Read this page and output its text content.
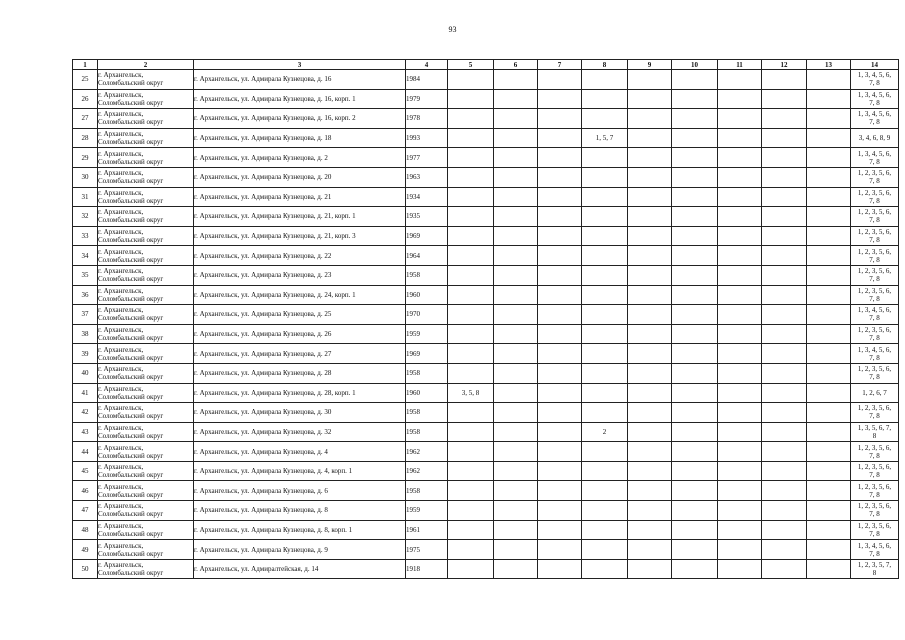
93
1	2	3	4	5	6	7	8	9	10	11	12	13	14
25	г. Архангельск,
Соломбальский округ	г. Архангельск, ул. Адмирала Кузнецова, д. 16	1984										1, 3, 4, 5, 6,
7, 8
26	г. Архангельск,
Соломбальский округ	г. Архангельск, ул. Адмирала Кузнецова, д. 16, корп. 1	1979										1, 3, 4, 5, 6,
7, 8
27	г. Архангельск,
Соломбальский округ	г. Архангельск, ул. Адмирала Кузнецова, д. 16, корп. 2	1978										1, 3, 4, 5, 6,
7, 8
28	г. Архангельск,
Соломбальский округ	г. Архангельск, ул. Адмирала Кузнецова, д. 18	1993				1, 5, 7						3, 4, 6, 8, 9
29	г. Архангельск,
Соломбальский округ	г. Архангельск, ул. Адмирала Кузнецова, д. 2	1977										1, 3, 4, 5, 6,
7, 8
30	г. Архангельск,
Соломбальский округ	г. Архангельск, ул. Адмирала Кузнецова, д. 20	1963										1, 2, 3, 5, 6,
7, 8
31	г. Архангельск,
Соломбальский округ	г. Архангельск, ул. Адмирала Кузнецова, д. 21	1934										1, 2, 3, 5, 6,
7, 8
32	г. Архангельск,
Соломбальский округ	г. Архангельск, ул. Адмирала Кузнецова, д. 21, корп. 1	1935										1, 2, 3, 5, 6,
7, 8
33	г. Архангельск,
Соломбальский округ	г. Архангельск, ул. Адмирала Кузнецова, д. 21, корп. 3	1969										1, 2, 3, 5, 6,
7, 8
34	г. Архангельск,
Соломбальский округ	г. Архангельск, ул. Адмирала Кузнецова, д. 22	1964										1, 2, 3, 5, 6,
7, 8
35	г. Архангельск,
Соломбальский округ	г. Архангельск, ул. Адмирала Кузнецова, д. 23	1958										1, 2, 3, 5, 6,
7, 8
36	г. Архангельск,
Соломбальский округ	г. Архангельск, ул. Адмирала Кузнецова, д. 24, корп. 1	1960										1, 2, 3, 5, 6,
7, 8
37	г. Архангельск,
Соломбальский округ	г. Архангельск, ул. Адмирала Кузнецова, д. 25	1970										1, 3, 4, 5, 6,
7, 8
38	г. Архангельск,
Соломбальский округ	г. Архангельск, ул. Адмирала Кузнецова, д. 26	1959										1, 2, 3, 5, 6,
7, 8
39	г. Архангельск,
Соломбальский округ	г. Архангельск, ул. Адмирала Кузнецова, д. 27	1969										1, 3, 4, 5, 6,
7, 8
40	г. Архангельск,
Соломбальский округ	г. Архангельск, ул. Адмирала Кузнецова, д. 28	1958										1, 2, 3, 5, 6,
7, 8
41	г. Архангельск,
Соломбальский округ	г. Архангельск, ул. Адмирала Кузнецова, д. 28, корп. 1	1960	3, 5, 8									1, 2, 6, 7
42	г. Архангельск,
Соломбальский округ	г. Архангельск, ул. Адмирала Кузнецова, д. 30	1958										1, 2, 3, 5, 6,
7, 8
43	г. Архангельск,
Соломбальский округ	г. Архангельск, ул. Адмирала Кузнецова, д. 32	1958				2						1, 3, 5, 6, 7,
8
44	г. Архангельск,
Соломбальский округ	г. Архангельск, ул. Адмирала Кузнецова, д. 4	1962										1, 2, 3, 5, 6,
7, 8
45	г. Архангельск,
Соломбальский округ	г. Архангельск, ул. Адмирала Кузнецова, д. 4, корп. 1	1962										1, 2, 3, 5, 6,
7, 8
46	г. Архангельск,
Соломбальский округ	г. Архангельск, ул. Адмирала Кузнецова, д. 6	1958										1, 2, 3, 5, 6,
7, 8
47	г. Архангельск,
Соломбальский округ	г. Архангельск, ул. Адмирала Кузнецова, д. 8	1959										1, 2, 3, 5, 6,
7, 8
48	г. Архангельск,
Соломбальский округ	г. Архангельск, ул. Адмирала Кузнецова, д. 8, корп. 1	1961										1, 2, 3, 5, 6,
7, 8
49	г. Архангельск,
Соломбальский округ	г. Архангельск, ул. Адмирала Кузнецова, д. 9	1975										1, 3, 4, 5, 6,
7, 8
50	г. Архангельск,
Соломбальский округ	г. Архангельск, ул. Адмиралтейская, д. 14	1918										1, 2, 3, 5, 7,
8
